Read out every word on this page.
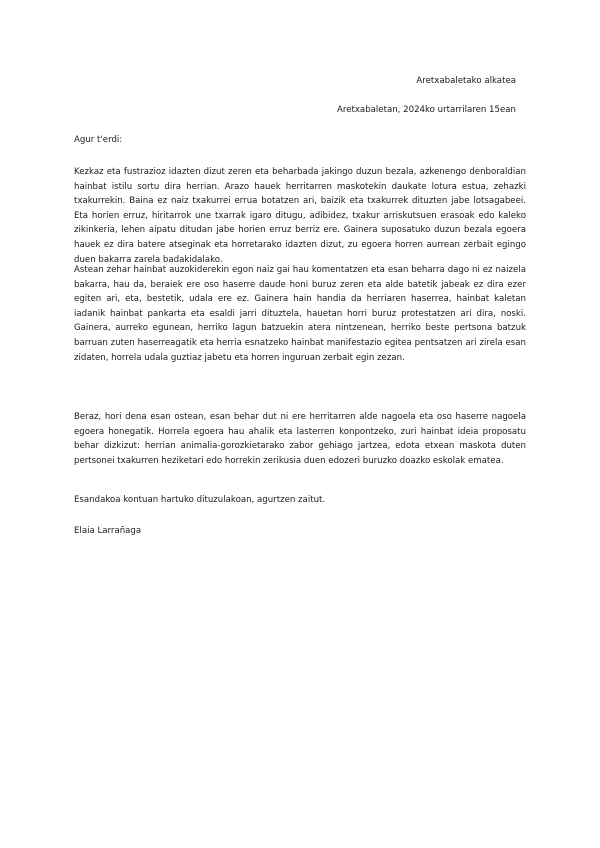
Aretxabaletako alkatea
Aretxabaletan, 2024ko urtarrilaren 15ean

Agur t'erdi:

Kezkaz eta fustrazioz idazten dizut zeren eta beharbada jakingo duzun bezala, azkenengo denboraldian hainbat istilu sortu dira herrian. Arazo hauek herritarren maskotekin daukate lotura estua, zehazki txakurrekin. Baina ez naiz txakurrei errua botatzen ari, baizik eta txakurrek dituzten jabe lotsagabeei. Eta horien erruz, hiritarrok une txarrak igaro ditugu, adibidez, txakur arriskutsuen erasoak edo kaleko zikinkeria, lehen aipatu ditudan jabe horien erruz berriz ere. Gainera suposatuko duzun bezala egoera hauek ez dira batere atseginak eta horretarako idazten dizut, zu egoera horren aurrean zerbait egingo duen bakarra zarela badakidalako.

Astean zehar hainbat auzokiderekin egon naiz gai hau komentatzen eta esan beharra dago ni ez naizela bakarra, hau da, beraiek ere oso haserre daude honi buruz zeren eta alde batetik jabeak ez dira ezer egiten ari, eta, bestetik, udala ere ez. Gainera hain handia da herriaren haserrea, hainbat kaletan iadanik hainbat pankarta eta esaldi jarri dituztela, hauetan horri buruz protestatzen ari dira, noski. Gainera, aurreko egunean, herriko lagun batzuekin atera nintzenean, herriko beste pertsona batzuk barruan zuten haserreagatik eta herria esnatzeko hainbat manifestazio egitea pentsatzen ari zirela esan zidaten, horrela udala guztiaz jabetu eta horren inguruan zerbait egin zezan.

Beraz, hori dena esan ostean, esan behar dut ni ere herritarren alde nagoela eta oso haserre nagoela egoera honegatik. Horrela egoera hau ahalik eta lasterren konpontzeko, zuri hainbat ideia proposatu behar dizkizut: herrian animalia-gorozkietarako zabor gehiago jartzea, edota etxean maskota duten pertsonei txakurren heziketari edo horrekin zerikusia duen edozeri buruzko doazko eskolak ematea.

Esandakoa kontuan hartuko dituzulakoan, agurtzen zaitut.

Elaia Larrañaga
